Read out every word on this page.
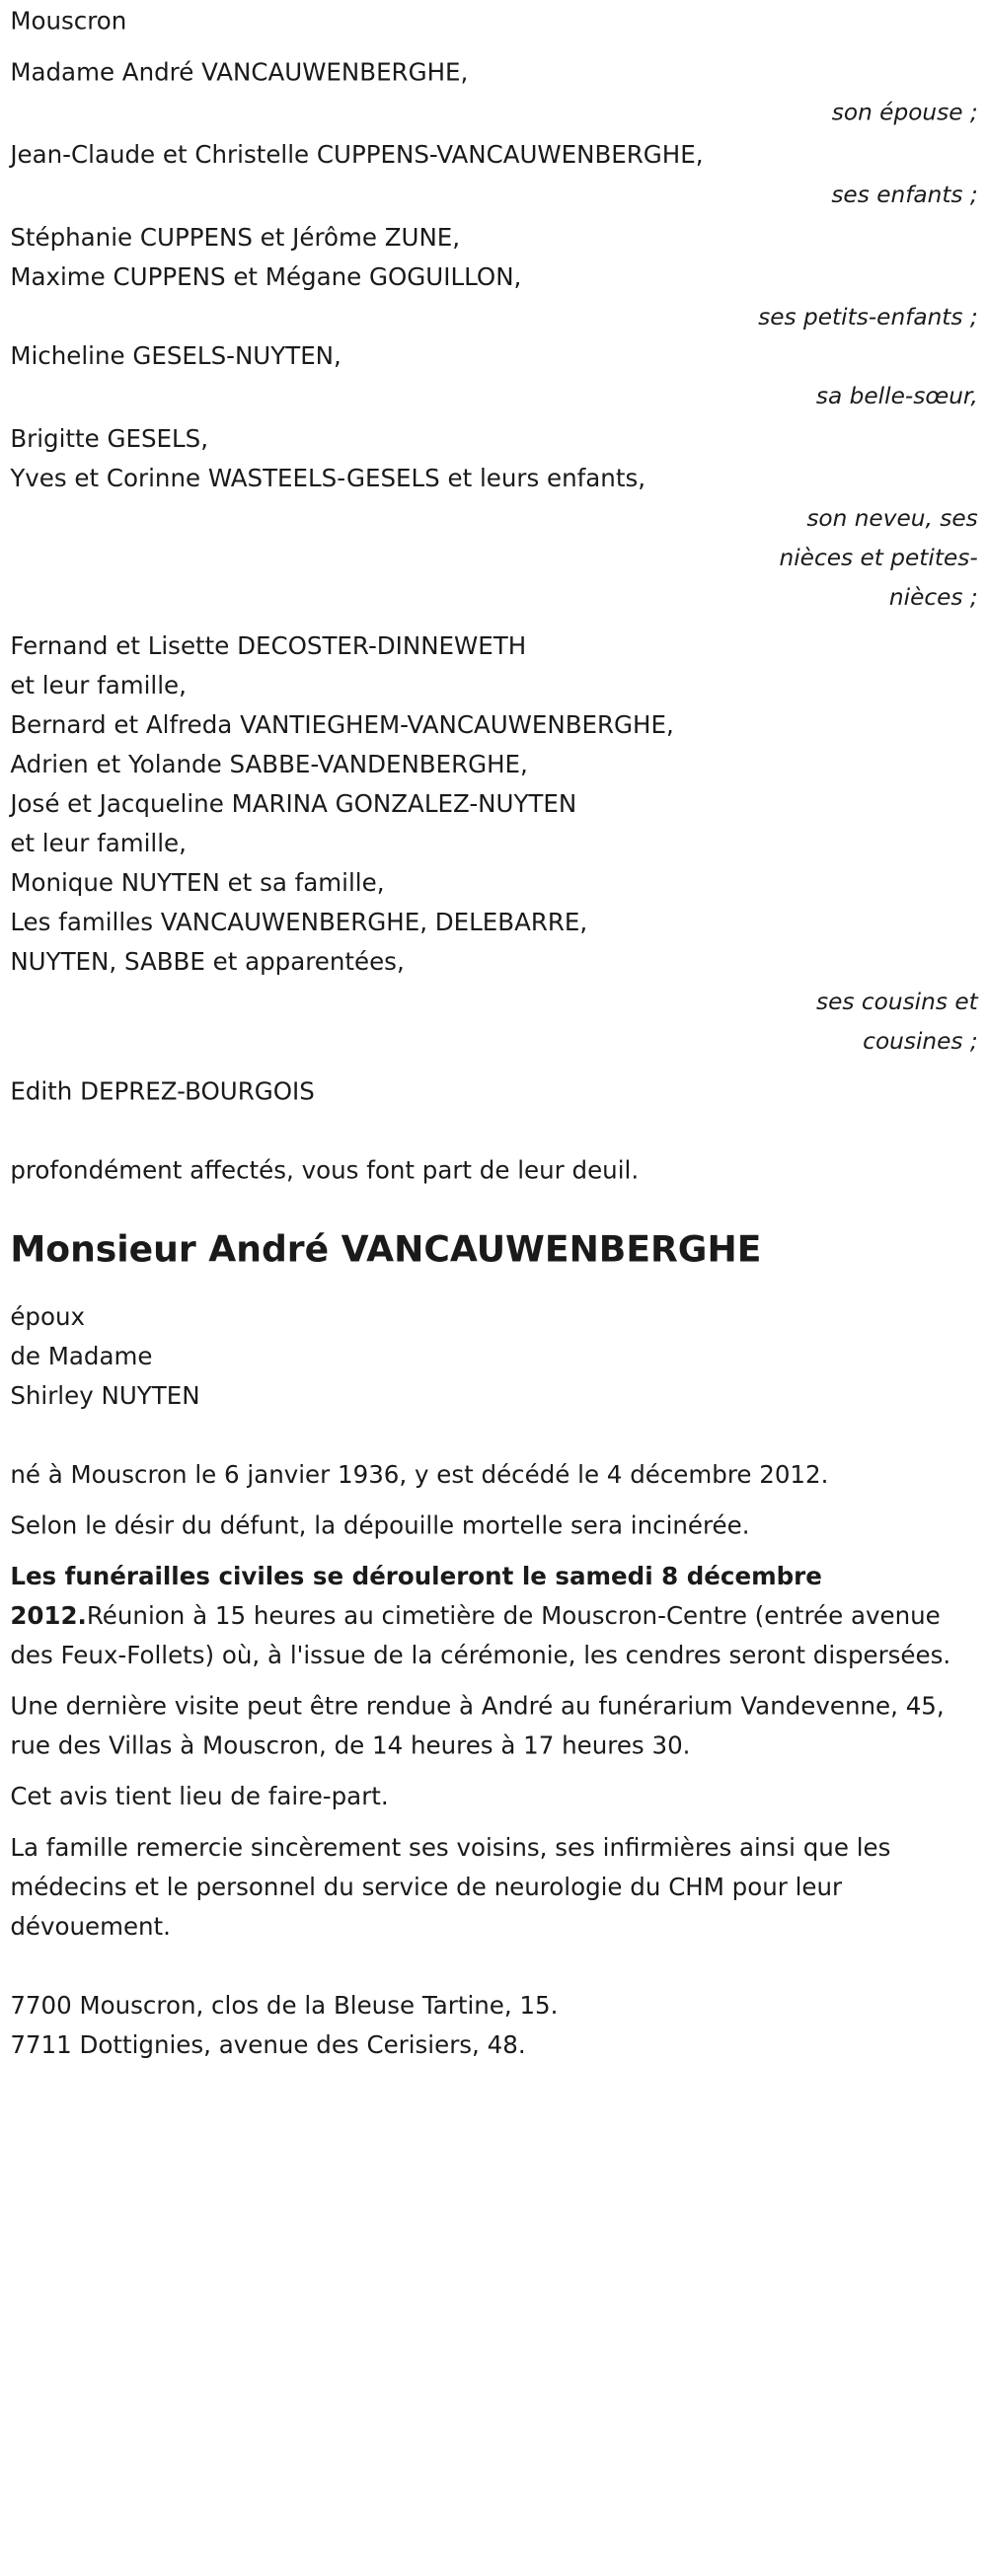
Mouscron

Madame André VANCAUWENBERGHE,

son épouse ;

Jean-Claude et Christelle CUPPENS-VANCAUWENBERGHE,

ses enfants ;

Stéphanie CUPPENS et Jérôme ZUNE,

Maxime CUPPENS et Mégane GOGUILLON,

ses petits-enfants ;

Micheline GESELS-NUYTEN,

sa belle-sœur,

Brigitte GESELS,

Yves et Corinne WASTEELS-GESELS et leurs enfants,

son neveu, ses

nièces et petites-

nièces ;

Fernand et Lisette DECOSTER-DINNEWETH

et leur famille,

Bernard et Alfreda VANTIEGHEM-VANCAUWENBERGHE,

Adrien et Yolande SABBE-VANDENBERGHE,

José et Jacqueline MARINA GONZALEZ-NUYTEN

et leur famille,

Monique NUYTEN et sa famille,

Les familles VANCAUWENBERGHE, DELEBARRE,

NUYTEN, SABBE et apparentées,

ses cousins et

cousines ;

Edith DEPREZ-BOURGOIS

profondément affectés, vous font part de leur deuil.

Monsieur André VANCAUWENBERGHE

époux

de Madame

Shirley NUYTEN

né à Mouscron le 6 janvier 1936, y est décédé le 4 décembre 2012.

Selon le désir du défunt, la dépouille mortelle sera incinérée.

Les funérailles civiles se dérouleront le samedi 8 décembre 2012.Réunion à 15 heures au cimetière de Mouscron-Centre (entrée avenue des Feux-Follets) où, à l'issue de la cérémonie, les cendres seront dispersées.

Une dernière visite peut être rendue à André au funérarium Vandevenne, 45, rue des Villas à Mouscron, de 14 heures à 17 heures 30.

Cet avis tient lieu de faire-part.

La famille remercie sincèrement ses voisins, ses infirmières ainsi que les médecins et le personnel du service de neurologie du CHM pour leur dévouement.

7700 Mouscron, clos de la Bleuse Tartine, 15.

7711 Dottignies, avenue des Cerisiers, 48.
